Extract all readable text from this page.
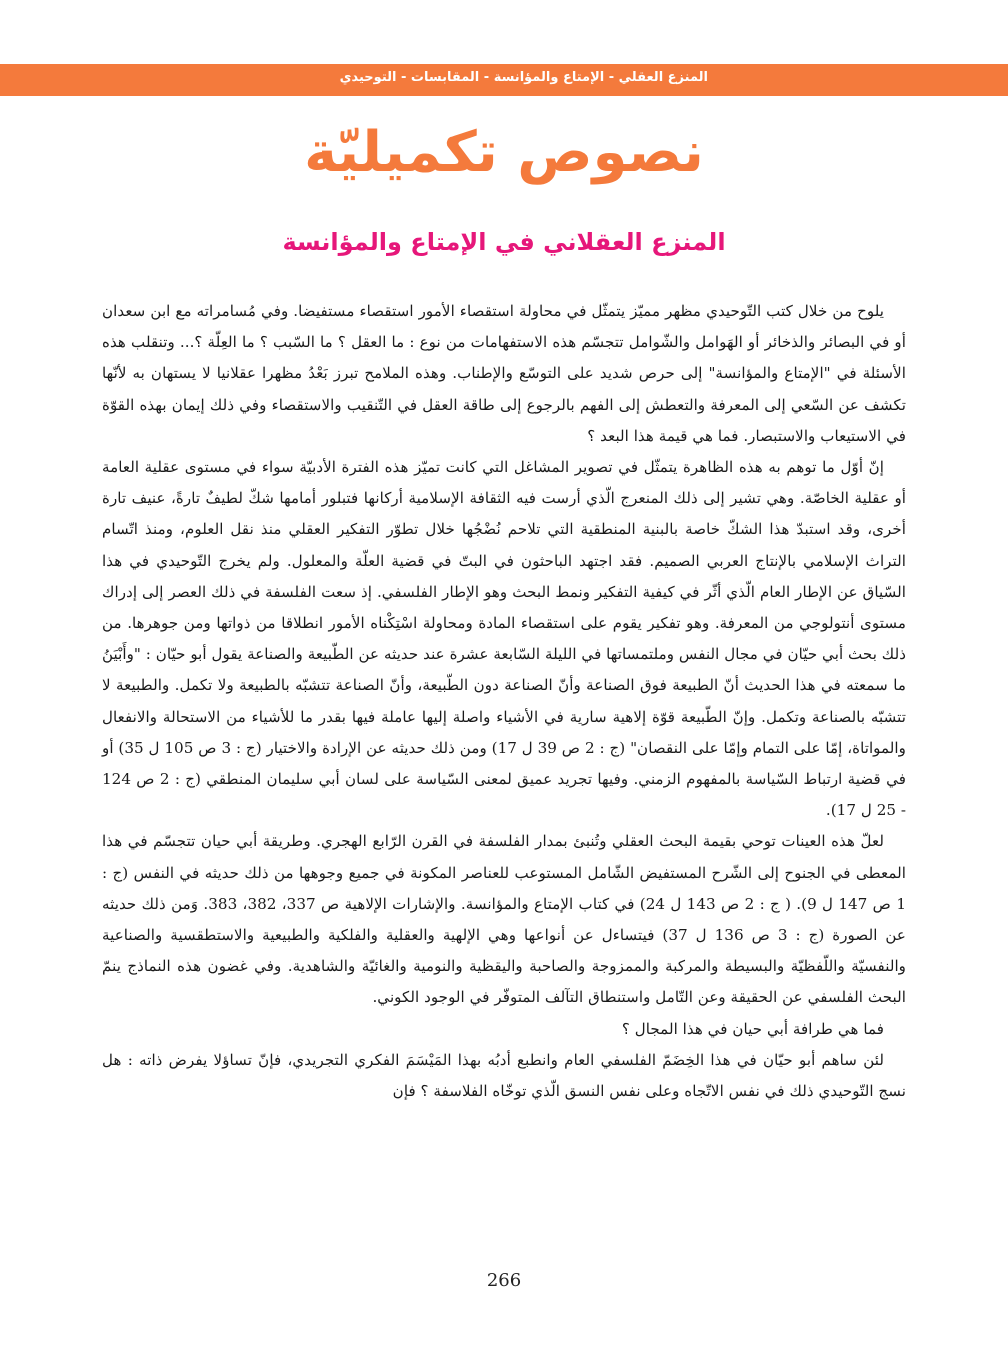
المنزع العقلي - الإمتاع والمؤانسة - المقابسات - التوحيدي
نصوص تكميليّة
المنزع العقلاني في الإمتاع والمؤانسة

يلوح من خلال كتب التّوحيدي مظهر مميّز يتمثّل في محاولة استقصاء الأمور استقصاء مستفيضا. وفي مُسامراته مع ابن سعدان أو في البصائر والذخائر أو الهَوامل والشّوامل تتجسّم هذه الاستفهامات من نوع : ما العقل ؟ ما السّبب ؟ ما العِلّة ؟... وتنقلب هذه الأسئلة في "الإمتاع والمؤانسة" إلى حرص شديد على التوسّع والإطناب. وهذه الملامح تبرز بَعْدُ مظهرا عقلانيا لا يستهان به لأنّها تكشف عن السّعي إلى المعرفة والتعطش إلى الفهم بالرجوع إلى طاقة العقل في التّنقيب والاستقصاء وفي ذلك إيمان بهذه القوّة في الاستيعاب والاستبصار. فما هي قيمة هذا البعد ؟

إنّ أوّل ما توهم به هذه الظاهرة يتمثّل في تصوير المشاغل التي كانت تميّز هذه الفترة الأدبيّة سواء في مستوى عقلية العامة أو عقلية الخاصّة. وهي تشير إلى ذلك المنعرج الّذي أرست فيه الثقافة الإسلامية أركانها فتبلور أمامها شكّ لطيفٌ تارةً، عنيف تارة أخرى، وقد استبدّ هذا الشكّ خاصة بالبنية المنطقية التي تلاحم نُضْجُها خلال تطوّر التفكير العقلي منذ نقل العلوم، ومنذ اتّسام التراث الإسلامي بالإنتاج العربي الصميم. فقد اجتهد الباحثون في البتّ في قضية العلّة والمعلول. ولم يخرج التّوحيدي في هذا السّياق عن الإطار العام الّذي أثّر في كيفية التفكير ونمط البحث وهو الإطار الفلسفي. إذ سعت الفلسفة في ذلك العصر إلى إدراك مستوى أنتولوجي من المعرفة. وهو تفكير يقوم على استقصاء المادة ومحاولة اسْتِكْناه الأمور انطلاقا من ذواتها ومن جوهرها. من ذلك بحث أبي حيّان في مجال النفس وملتمساتها في الليلة السّابعة عشرة عند حديثه عن الطّبيعة والصناعة يقول أبو حيّان : "وأَبْيَنُ ما سمعته في هذا الحديث أنّ الطبيعة فوق الصناعة وأنّ الصناعة دون الطّبيعة، وأنّ الصناعة تتشبّه بالطبيعة ولا تكمل. والطبيعة لا تتشبّه بالصناعة وتكمل. وإنّ الطّبيعة قوّة إلاهية سارية في الأشياء واصلة إليها عاملة فيها بقدر ما للأشياء من الاستحالة والانفعال والمواتاة، إمّا على التمام وإمّا على النقصان" (ج : 2 ص 39 ل 17) ومن ذلك حديثه عن الإرادة والاختيار (ج : 3 ص 105 ل 35) أو في قضية ارتباط السّياسة بالمفهوم الزمني. وفيها تجريد عميق لمعنى السّياسة على لسان أبي سليمان المنطقي (ج : 2 ص 124 - 25 ل 17).

لعلّ هذه العينات توحي بقيمة البحث العقلي وتُنبئ بمدار الفلسفة في القرن الرّابع الهجري. وطريقة أبي حيان تتجسّم في هذا المعطى في الجنوح إلى الشّرح المستفيض الشّامل المستوعب للعناصر المكونة في جميع وجوهها من ذلك حديثه في النفس (ج : 1 ص 147 ل 9). ( ج : 2 ص 143 ل 24) في كتاب الإمتاع والمؤانسة. والإشارات الإلاهية ص 337، 382، 383. وَمن ذلك حديثه عن الصورة (ج : 3 ص 136 ل 37) فيتساءل عن أنواعها وهي الإلهية والعقلية والفلكية والطبيعية والاستطقسية والصناعية والنفسيّة واللّفظيّة والبسيطة والمركبة والممزوجة والصاحبة واليقظية والنومية والغائيّة والشاهدية. وفي غضون هذه النماذج ينمّ البحث الفلسفي عن الحقيقة وعن التّامل واستنطاق التآلف المتوفّر في الوجود الكوني.

فما هي طرافة أبي حيان في هذا المجال ؟

لئن ساهم أبو حيّان في هذا الخِضَمّ الفلسفي العام وانطبع أدبُه بهذا المَيْسَمَ الفكري التجريدي، فإنّ تساؤلا يفرض ذاته : هل نسج التّوحيدي ذلك في نفس الاتّجاه وعلى نفس النسق الّذي توخّاه الفلاسفة ؟ فإن

266
